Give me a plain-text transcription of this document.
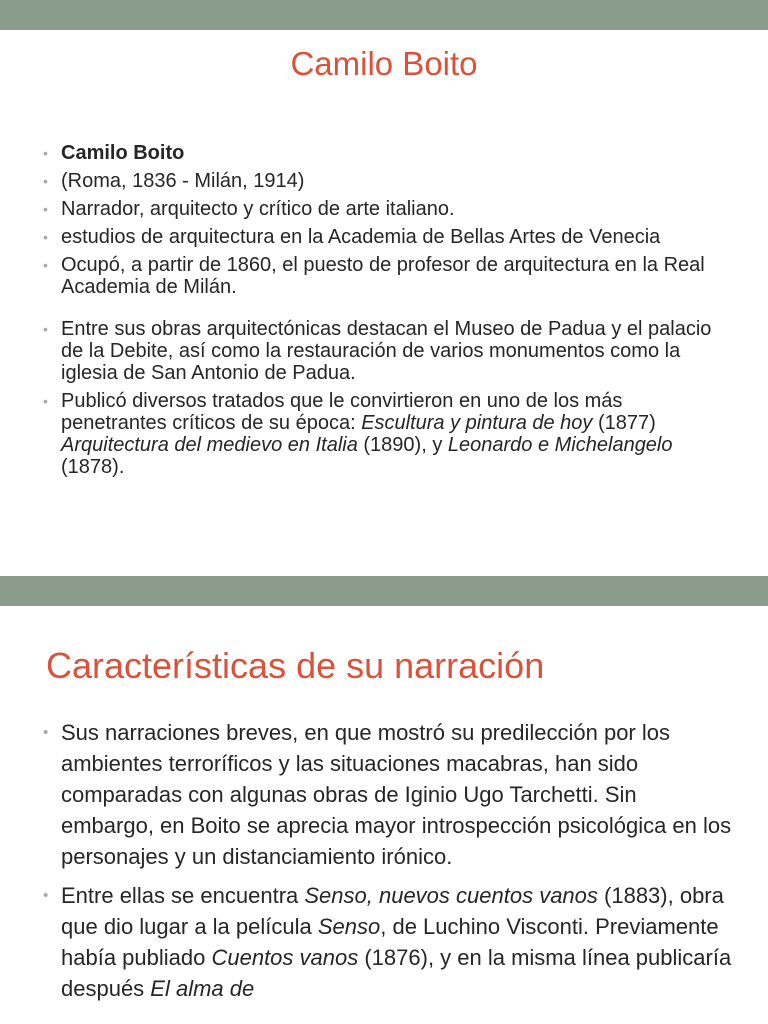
Camilo Boito
• Camilo Boito
• (Roma, 1836 - Milán, 1914)
• Narrador, arquitecto y crítico de arte italiano.
• estudios de arquitectura en la Academia de Bellas Artes de Venecia
• Ocupó, a partir de 1860, el puesto de profesor de arquitectura en la Real Academia de Milán.
• Entre sus obras arquitectónicas destacan el Museo de Padua y el palacio de la Debite, así como la restauración de varios monumentos como la iglesia de San Antonio de Padua.
• Publicó diversos tratados que le convirtieron en uno de los más penetrantes críticos de su época: Escultura y pintura de hoy (1877) Arquitectura del medievo en Italia (1890), y Leonardo e Michelangelo (1878).
Características de su narración
• Sus narraciones breves, en que mostró su predilección por los ambientes terroríficos y las situaciones macabras, han sido comparadas con algunas obras de Iginio Ugo Tarchetti. Sin embargo, en Boito se aprecia mayor introspección psicológica en los personajes y un distanciamiento irónico.
• Entre ellas se encuentra Senso, nuevos cuentos vanos (1883), obra que dio lugar a la película Senso, de Luchino Visconti. Previamente había publiado Cuentos vanos (1876), y en la misma línea publicaría después El alma de
